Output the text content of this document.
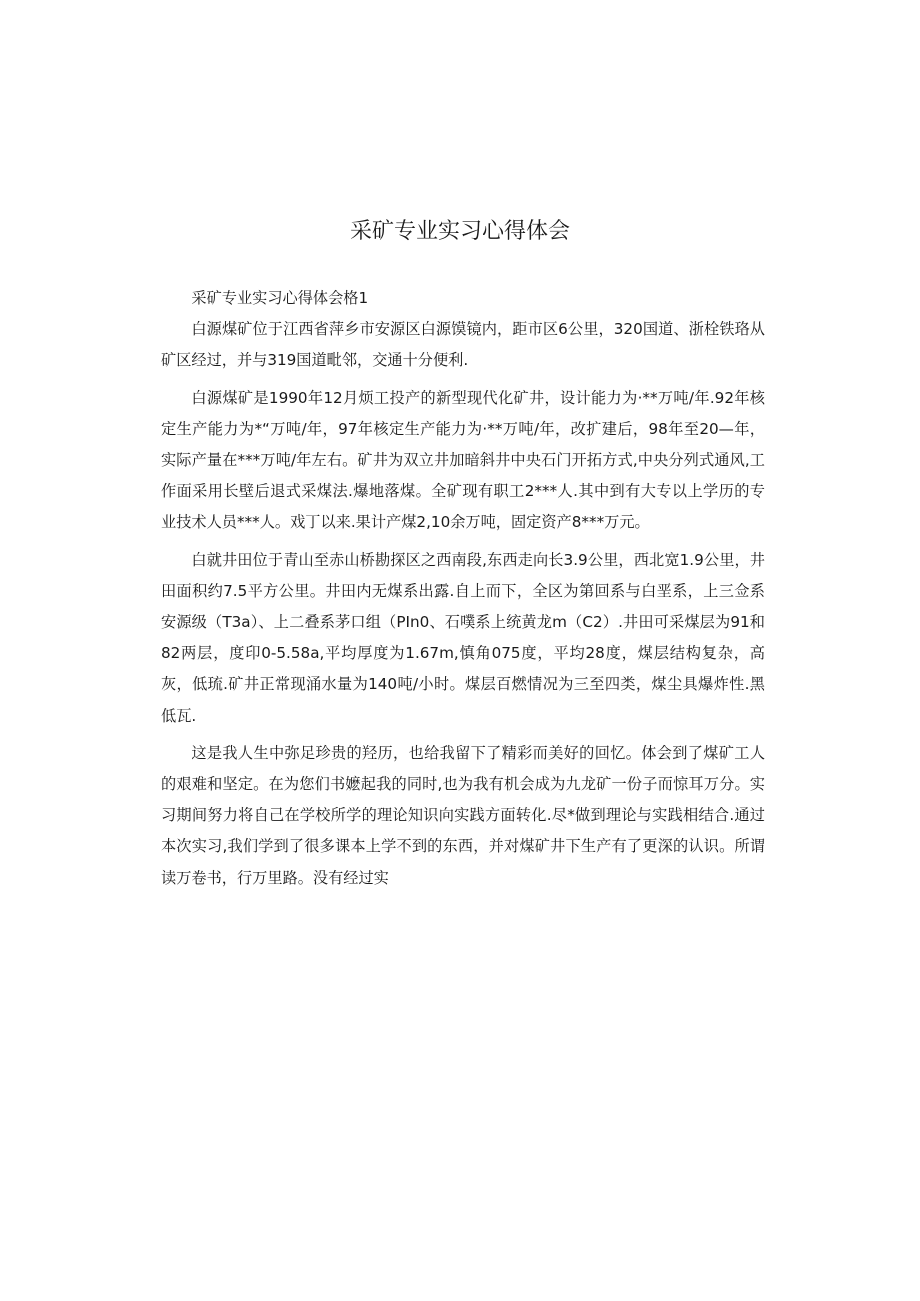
采矿专业实习心得体会

采矿专业实习心得体会格1

白源煤矿位于江西省萍乡市安源区白源馍镜内，距市区6公里，320国道、浙栓铁珞从矿区经过，并与319国道毗邻，交通十分便利.

白源煤矿是1990年12月烦工投产的新型现代化矿井，设计能力为·**万吨/年.92年核定生产能力为*“万吨/年，97年核定生产能力为·**万吨/年，改扩建后，98年至20—年，实际产量在***万吨/年左右。矿井为双立井加暗斜井中央石门开拓方式,中央分列式通风,工作面采用长壁后退式采煤法.爆地落煤。全矿现有职工2***人.其中到有大专以上学历的专业技术人员***人。戏丁以来.果计产煤2,10余万吨，固定资产8***万元。

白就井田位于青山至赤山桥勘探区之西南段,东西走向长3.9公里，西北宽1.9公里，井田面积约7.5平方公里。井田内无煤系出露.自上而下，全区为第回系与白垩系，上三佥系安源级（T3a）、上二叠系茅口组（PIn0、石噗系上统黄龙m（C2）.井田可采煤层为91和82两层，度印0-5.58a,平均厚度为1.67m,慎角075度，平均28度，煤层结构复杂，高灰，低琉.矿井正常现涌水量为140吨/小时。煤层百燃情况为三至四类，煤尘具爆炸性.黑低瓦.

这是我人生中弥足珍贵的羟历，也给我留下了精彩而美好的回忆。体会到了煤矿工人的艰难和坚定。在为您们书嬷起我的同时,也为我有机会成为九龙矿一份子而惊耳万分。实习期间努力将自己在学校所学的理论知识向实践方面转化.尽*做到理论与实践相结合.通过本次实习,我们学到了很多课本上学不到的东西，并对煤矿井下生产有了更深的认识。所谓读万卷书，行万里路。没有经过实
